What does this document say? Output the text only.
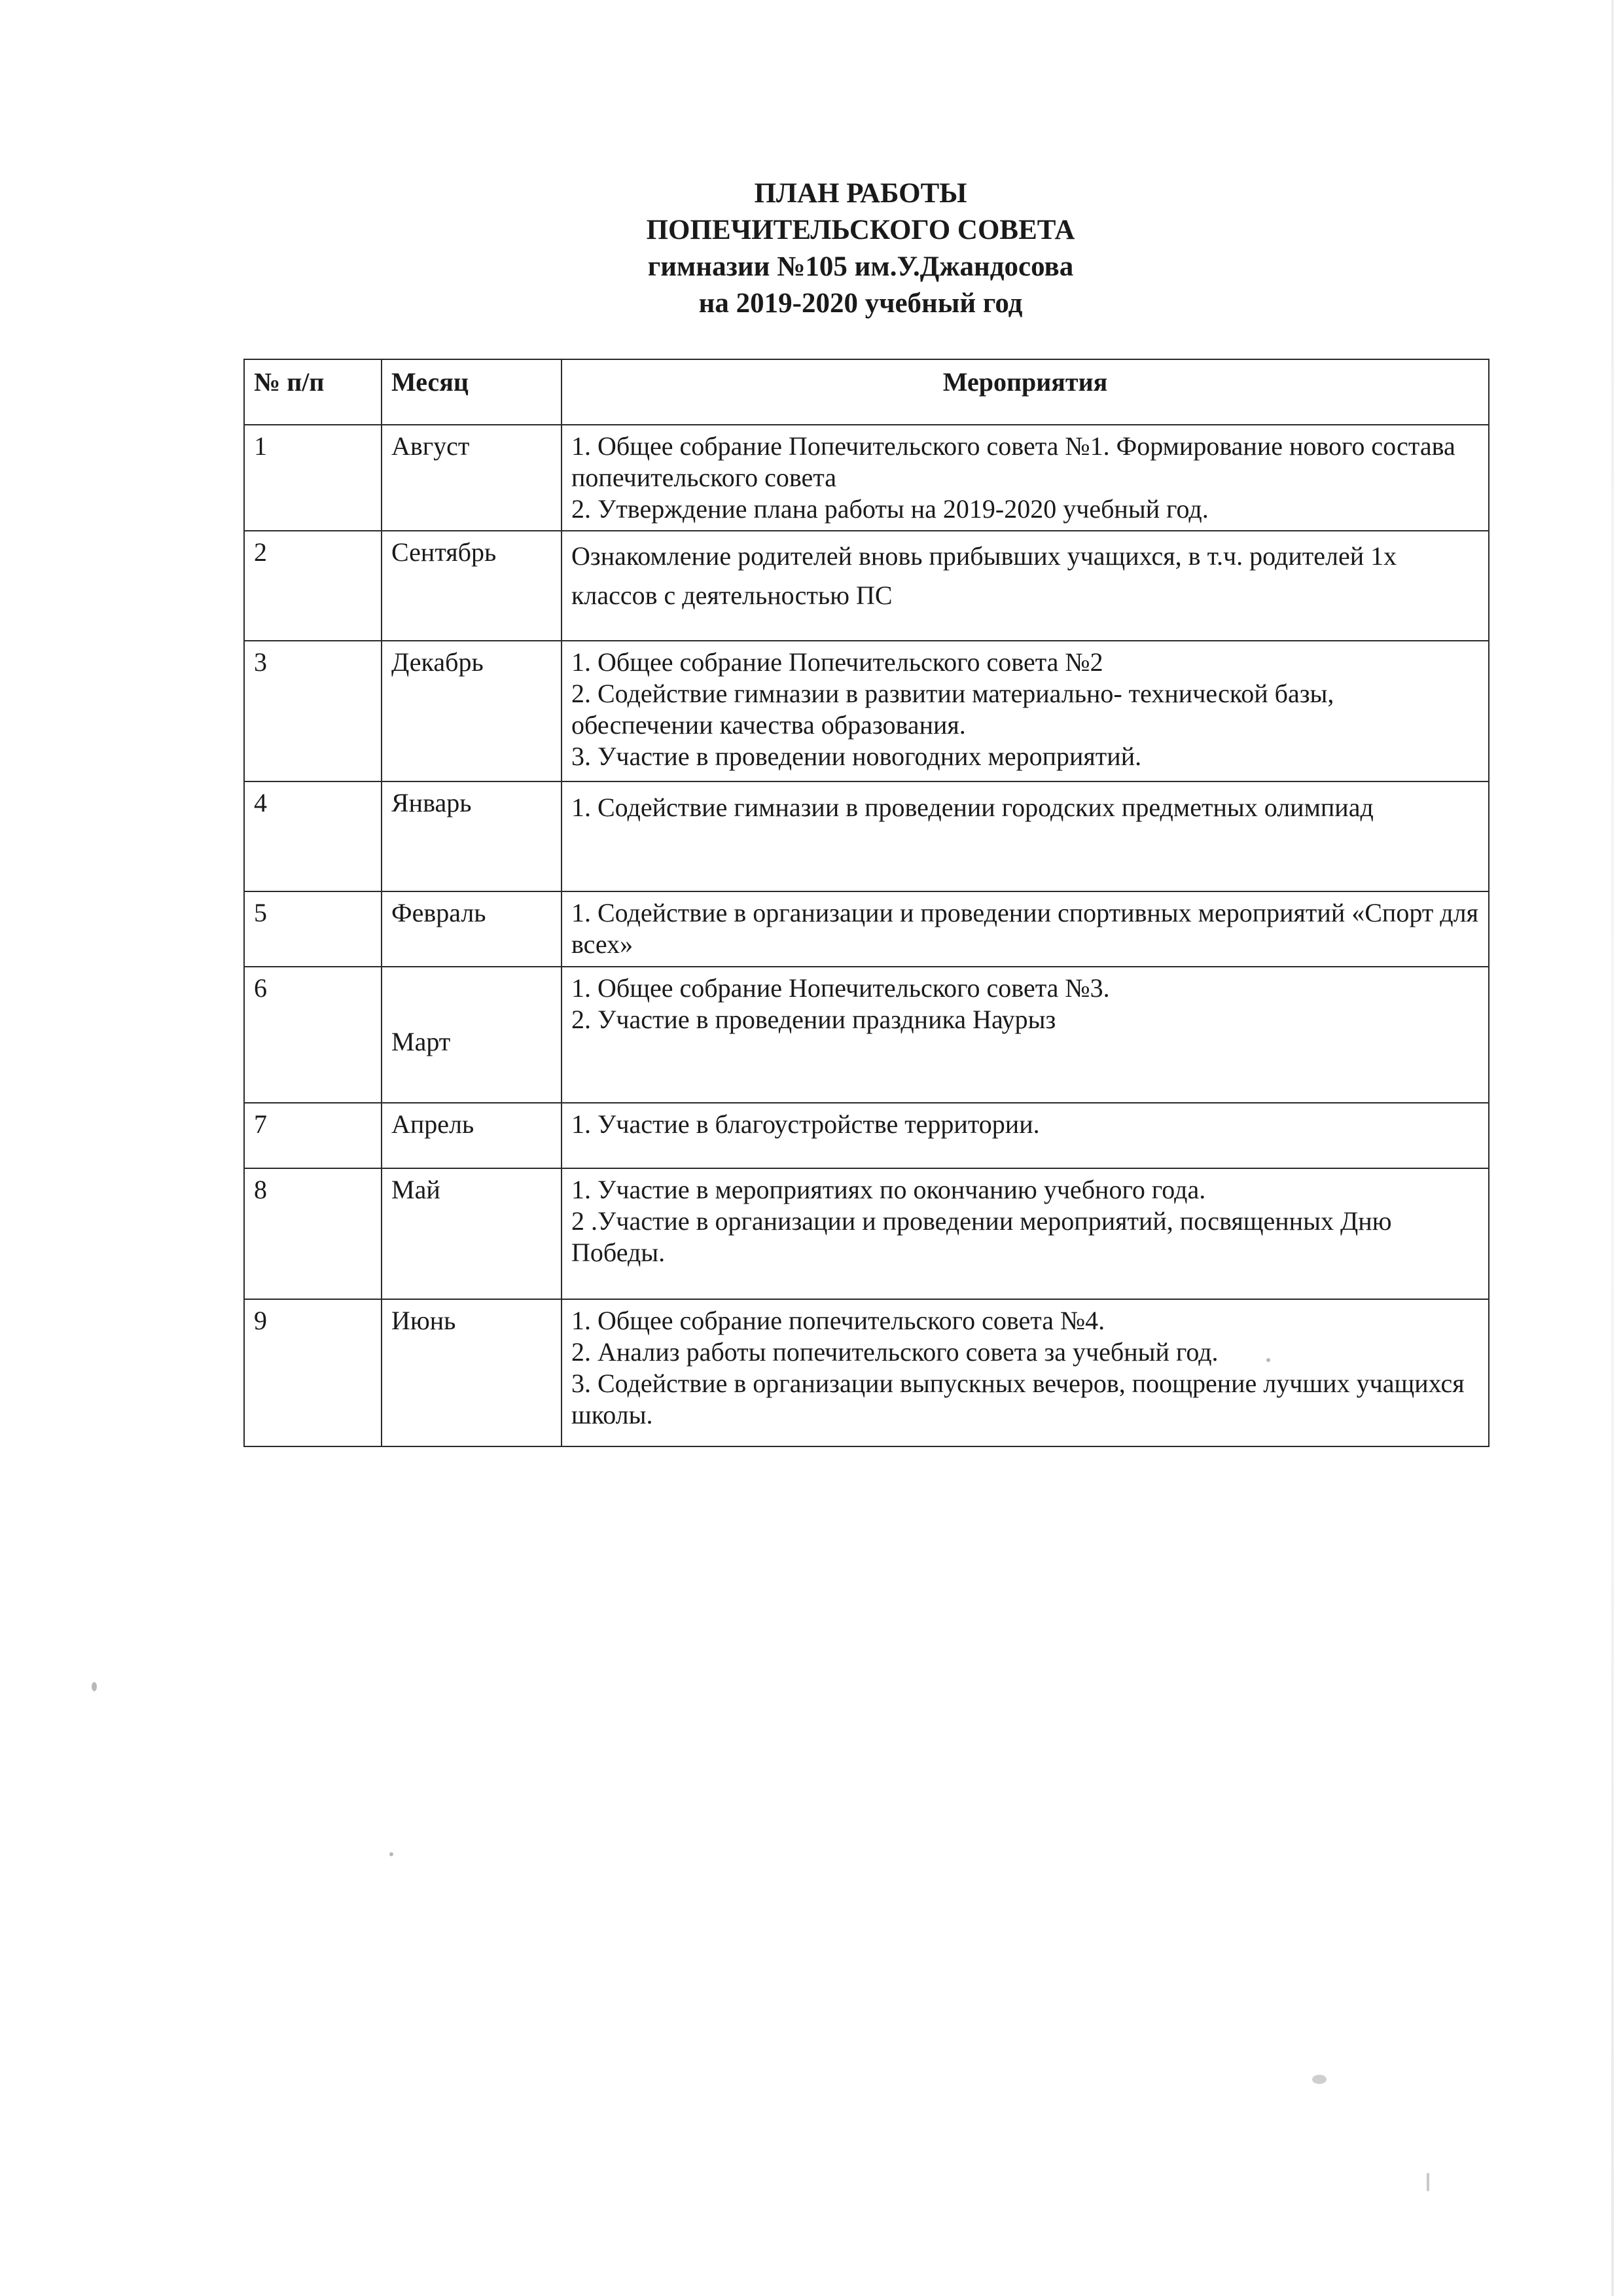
ПЛАН РАБОТЫ
ПОПЕЧИТЕЛЬСКОГО СОВЕТА
гимназии №105 им.У.Джандосова
на 2019-2020 учебный год
№ п/п	Месяц	Мероприятия
1	Август	1. Общее собрание Попечительского совета №1. Формирование нового состава попечительского совета
2. Утверждение плана работы на 2019-2020 учебный год.

2	Сентябрь	Ознакомление родителей вновь прибывших учащихся, в т.ч. родителей 1х классов с деятельностью ПС

3	Декабрь	1. Общее собрание Попечительского совета №2
2. Содействие гимназии в развитии материально- технической базы, обеспечении качества образования.
3. Участие в проведении новогодних мероприятий.

4	Январь	1. Содействие гимназии в проведении городских предметных олимпиад

5	Февраль	1. Содействие в организации и проведении спортивных мероприятий «Спорт для всех»

6	Март	1. Общее собрание Нопечительского совета №3.
2. Участие в проведении праздника Наурыз

7	Апрель	1. Участие в благоустройстве территории.

8	Май	1. Участие в мероприятиях по окончанию учебного года.
2 .Участие в организации и проведении мероприятий, посвященных Дню Победы.

9	Июнь	1. Общее собрание попечительского совета №4.
2. Анализ работы попечительского совета за учебный год.
3. Содействие в организации выпускных вечеров, поощрение лучших учащихся школы.
